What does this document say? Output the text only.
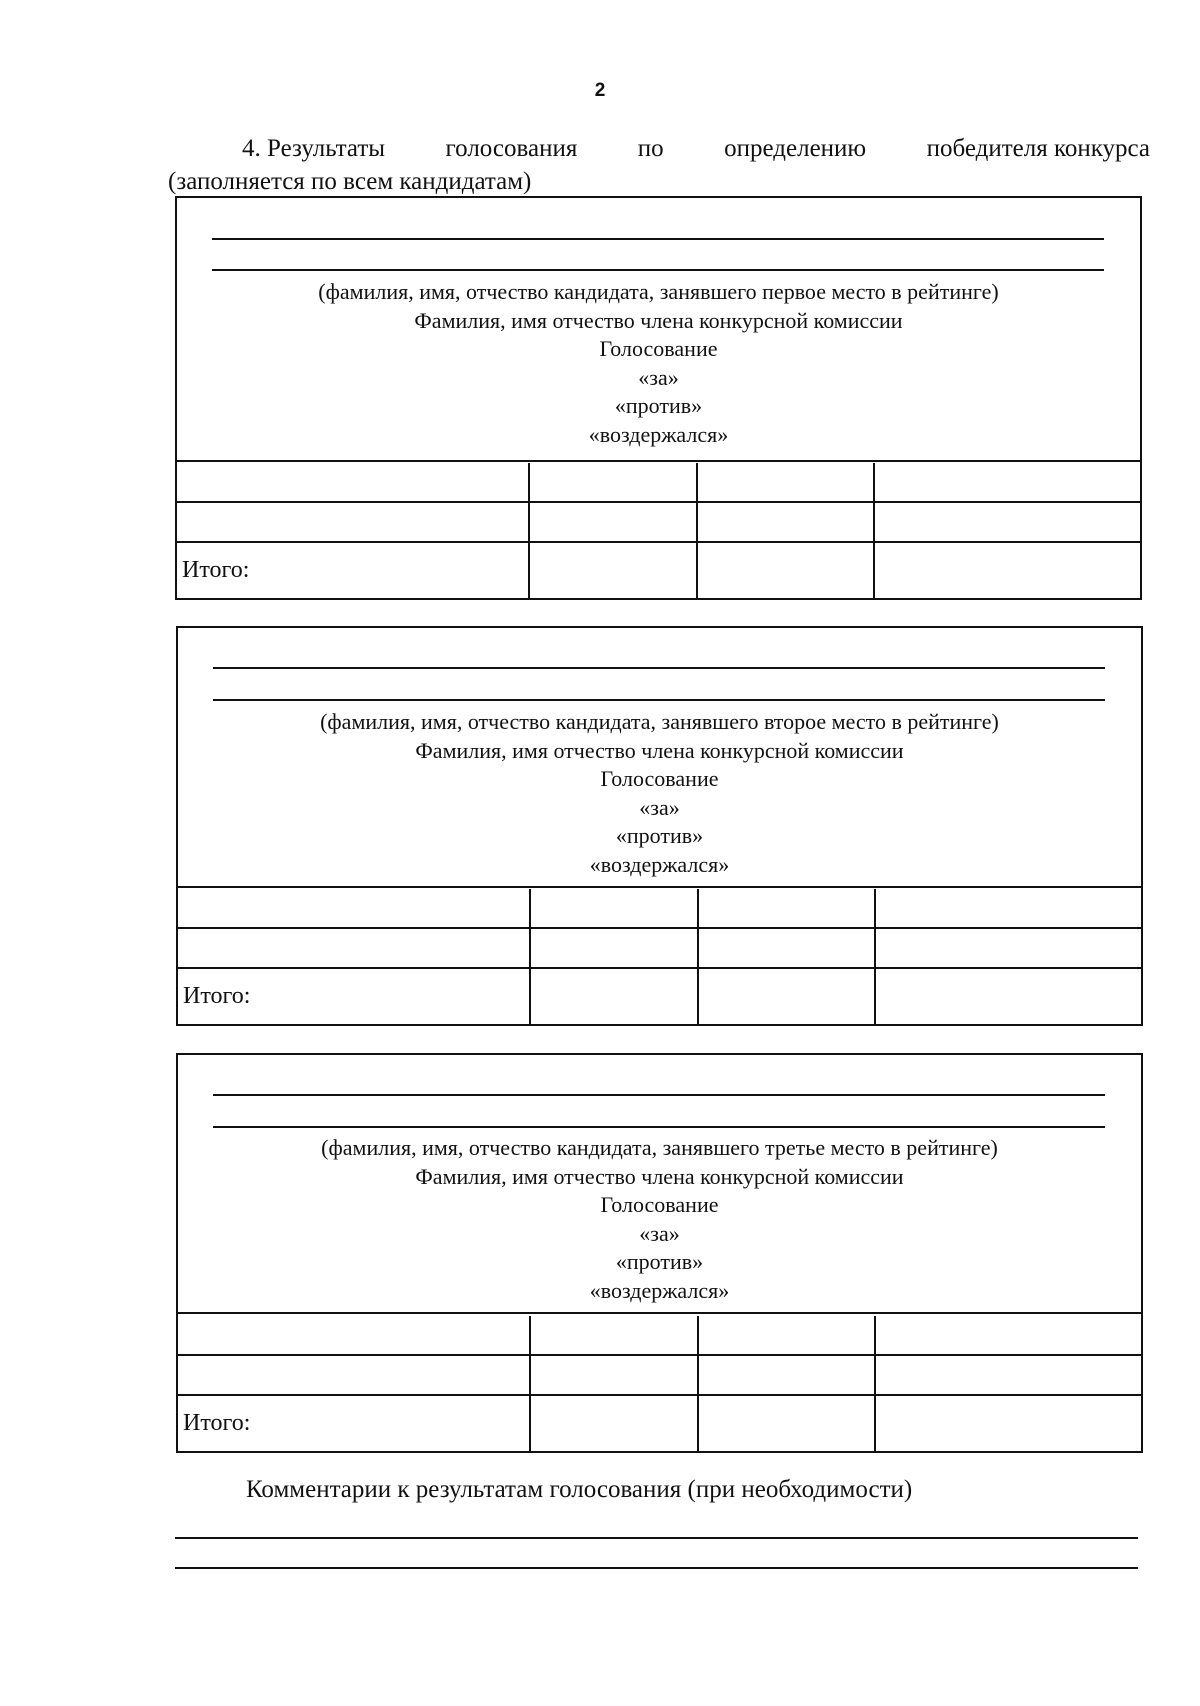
2
4. Результаты голосования по определению победителя конкурса
(заполняется по всем кандидатам)
(фамилия, имя, отчество кандидата, занявшего первое место в рейтинге)
Фамилия, имя отчество члена конкурсной комиссии
Голосование
«за»
«против»
«воздержался»
Итого:
(фамилия, имя, отчество кандидата, занявшего второе место в рейтинге)
Фамилия, имя отчество члена конкурсной комиссии
Голосование
«за»
«против»
«воздержался»
Итого:
(фамилия, имя, отчество кандидата, занявшего третье место в рейтинге)
Фамилия, имя отчество члена конкурсной комиссии
Голосование
«за»
«против»
«воздержался»
Итого:
Комментарии к результатам голосования (при необходимости)
